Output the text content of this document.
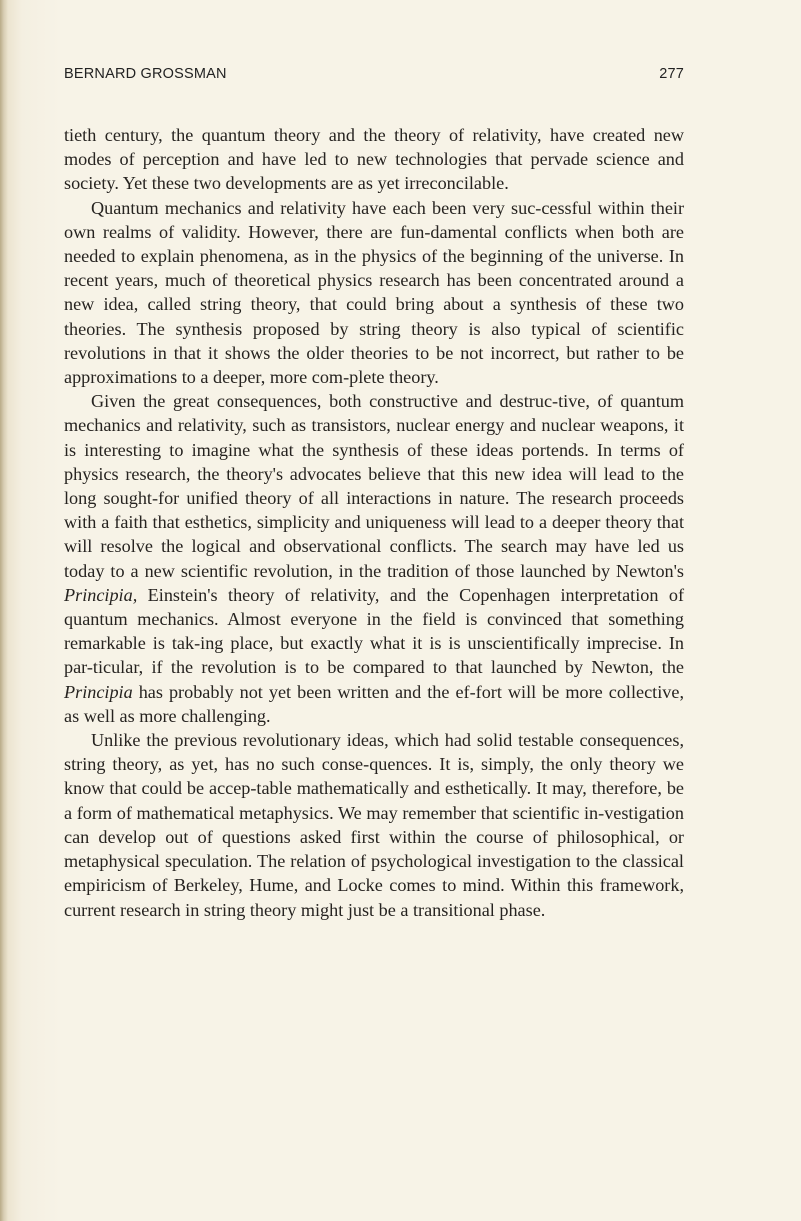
BERNARD GROSSMAN	277

tieth century, the quantum theory and the theory of relativity, have created new modes of perception and have led to new technologies that pervade science and society. Yet these two developments are as yet irreconcilable.

Quantum mechanics and relativity have each been very suc-cessful within their own realms of validity. However, there are fun-damental conflicts when both are needed to explain phenomena, as in the physics of the beginning of the universe. In recent years, much of theoretical physics research has been concentrated around a new idea, called string theory, that could bring about a synthesis of these two theories. The synthesis proposed by string theory is also typical of scientific revolutions in that it shows the older theories to be not incorrect, but rather to be approximations to a deeper, more com-plete theory.

Given the great consequences, both constructive and destruc-tive, of quantum mechanics and relativity, such as transistors, nuclear energy and nuclear weapons, it is interesting to imagine what the synthesis of these ideas portends. In terms of physics research, the theory's advocates believe that this new idea will lead to the long sought-for unified theory of all interactions in nature. The research proceeds with a faith that esthetics, simplicity and uniqueness will lead to a deeper theory that will resolve the logical and observational conflicts. The search may have led us today to a new scientific revolution, in the tradition of those launched by Newton's Principia, Einstein's theory of relativity, and the Copenhagen interpretation of quantum mechanics. Almost everyone in the field is convinced that something remarkable is tak-ing place, but exactly what it is is unscientifically imprecise. In par-ticular, if the revolution is to be compared to that launched by Newton, the Principia has probably not yet been written and the ef-fort will be more collective, as well as more challenging.

Unlike the previous revolutionary ideas, which had solid testable consequences, string theory, as yet, has no such conse-quences. It is, simply, the only theory we know that could be accep-table mathematically and esthetically. It may, therefore, be a form of mathematical metaphysics. We may remember that scientific in-vestigation can develop out of questions asked first within the course of philosophical, or metaphysical speculation. The relation of psychological investigation to the classical empiricism of Berkeley, Hume, and Locke comes to mind. Within this framework, current research in string theory might just be a transitional phase.
